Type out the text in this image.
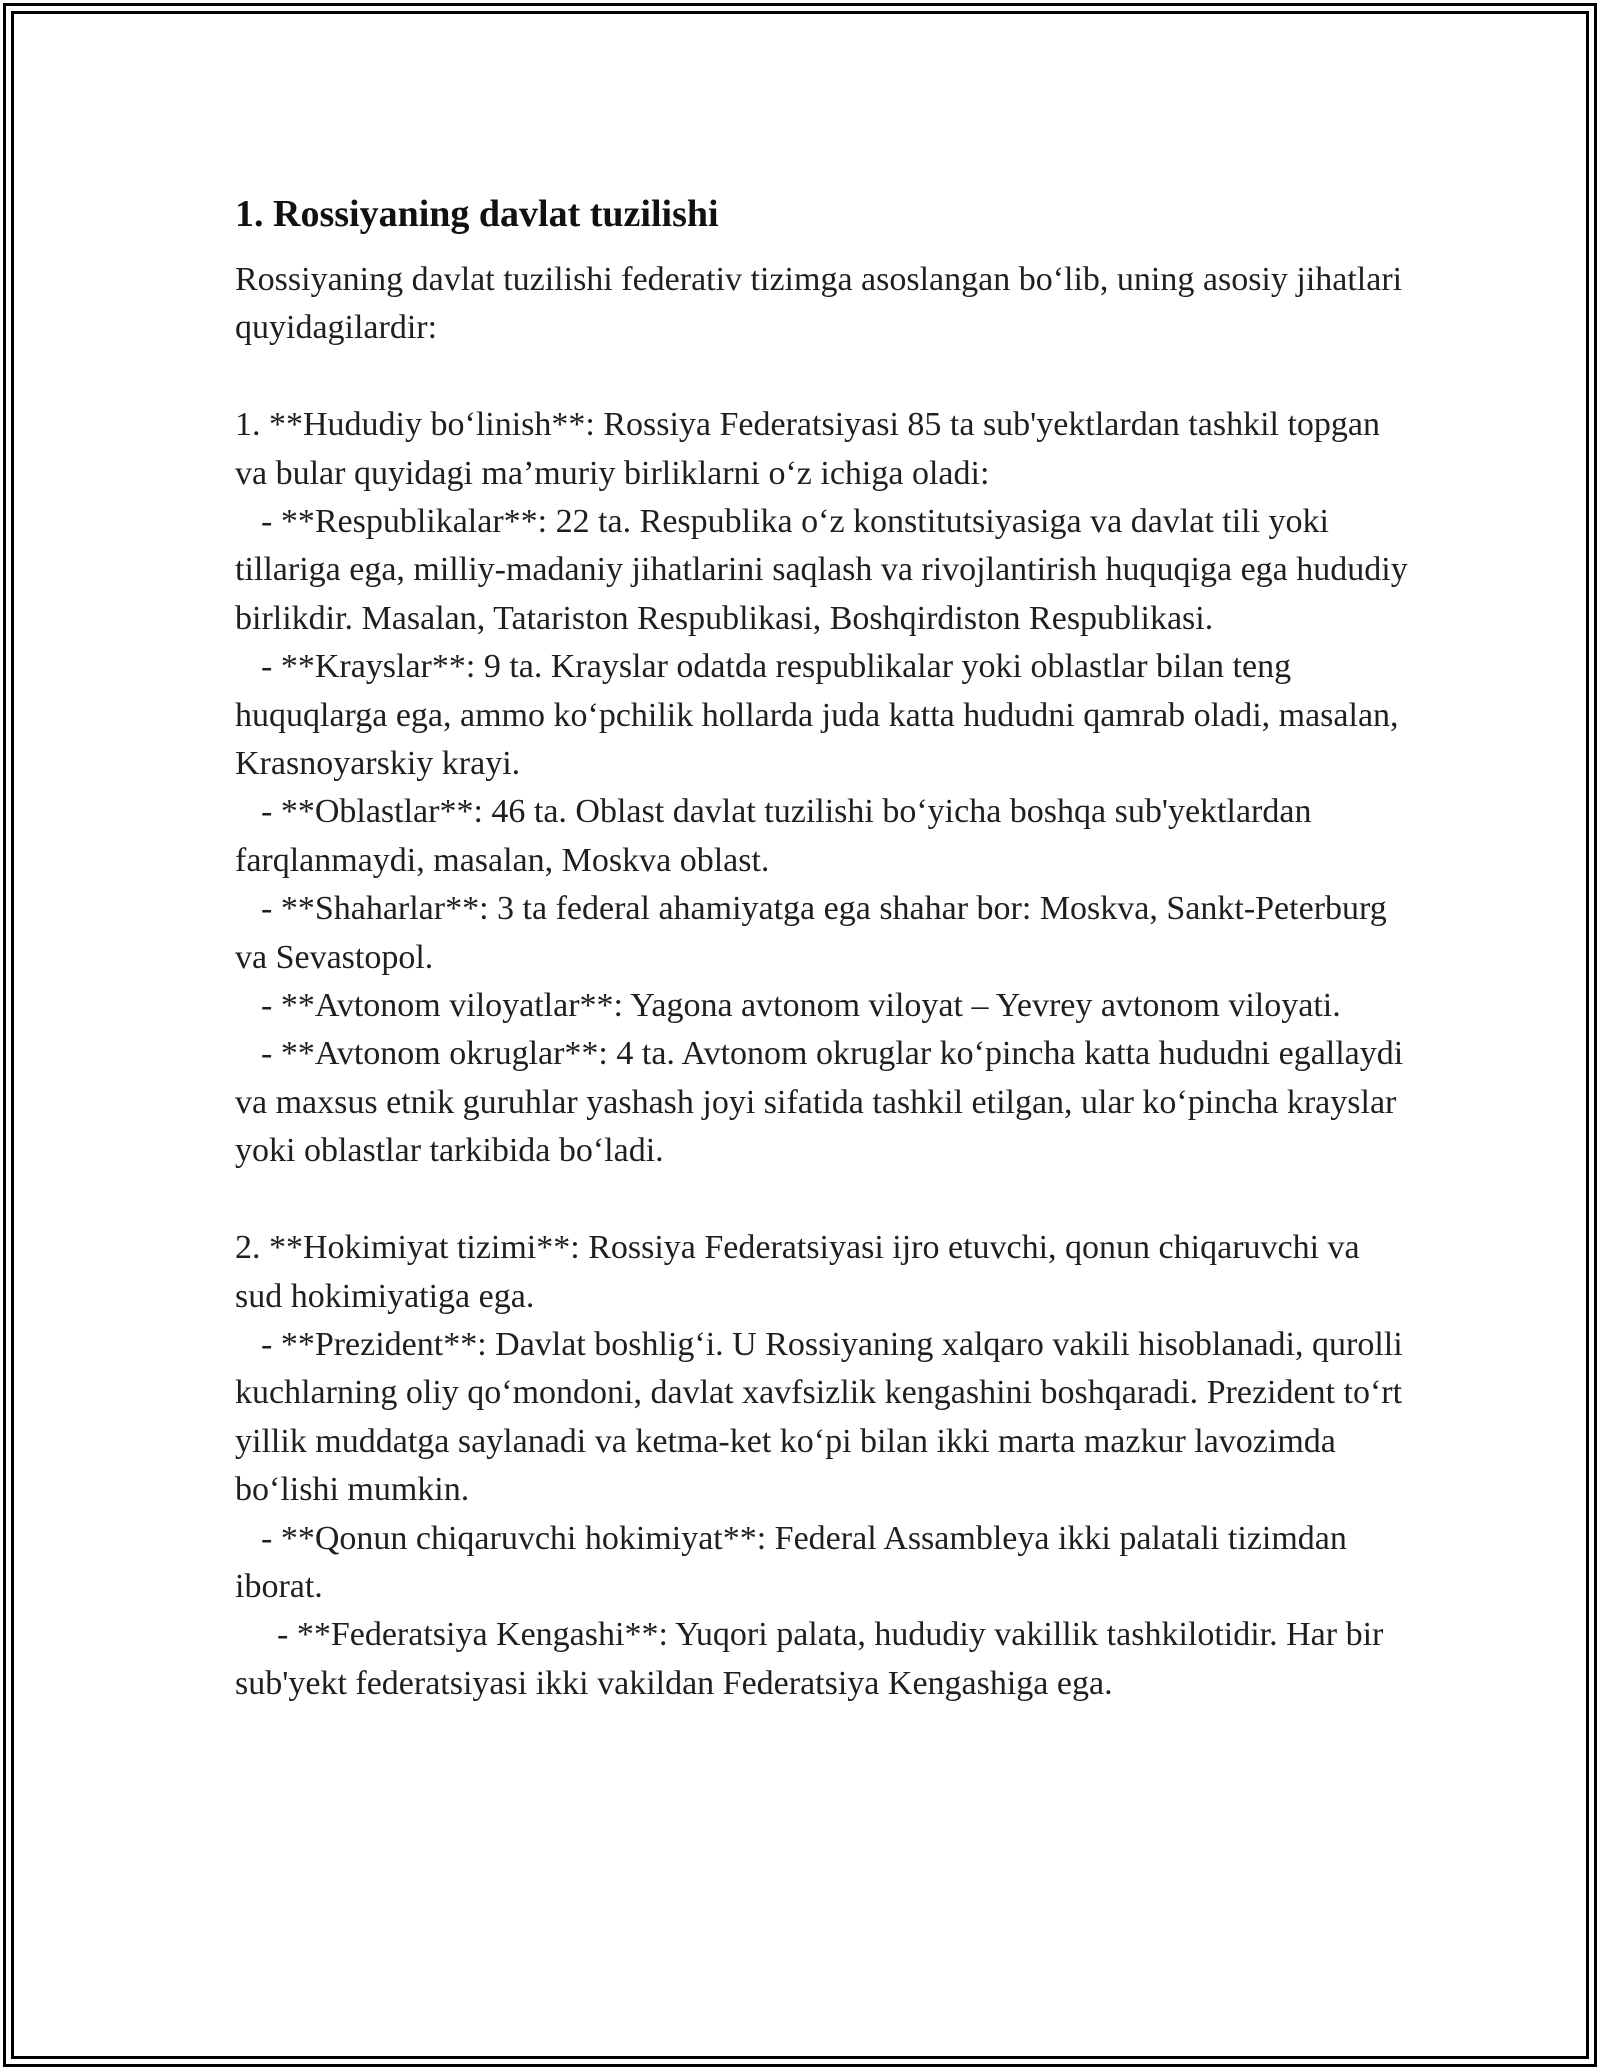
1. Rossiyaning davlat tuzilishi

Rossiyaning davlat tuzilishi federativ tizimga asoslangan bo‘lib, uning asosiy jihatlari quyidagilardir:

1. **Hududiy bo‘linish**: Rossiya Federatsiyasi 85 ta sub'yektlardan tashkil topgan va bular quyidagi ma’muriy birliklarni o‘z ichiga oladi:

- **Respublikalar**: 22 ta. Respublika o‘z konstitutsiyasiga va davlat tili yoki tillariga ega, milliy-madaniy jihatlarini saqlash va rivojlantirish huquqiga ega hududiy birlikdir. Masalan, Tatariston Respublikasi, Boshqirdiston Respublikasi.

- **Krayslar**: 9 ta. Krayslar odatda respublikalar yoki oblastlar bilan teng huquqlarga ega, ammo ko‘pchilik hollarda juda katta hududni qamrab oladi, masalan, Krasnoyarskiy krayi.

- **Oblastlar**: 46 ta. Oblast davlat tuzilishi bo‘yicha boshqa sub'yektlardan farqlanmaydi, masalan, Moskva oblast.

- **Shaharlar**: 3 ta federal ahamiyatga ega shahar bor: Moskva, Sankt-Peterburg va Sevastopol.

- **Avtonom viloyatlar**: Yagona avtonom viloyat – Yevrey avtonom viloyati.

- **Avtonom okruglar**: 4 ta. Avtonom okruglar ko‘pincha katta hududni egallaydi va maxsus etnik guruhlar yashash joyi sifatida tashkil etilgan, ular ko‘pincha krayslar yoki oblastlar tarkibida bo‘ladi.

2. **Hokimiyat tizimi**: Rossiya Federatsiyasi ijro etuvchi, qonun chiqaruvchi va sud hokimiyatiga ega.

- **Prezident**: Davlat boshlig‘i. U Rossiyaning xalqaro vakili hisoblanadi, qurolli kuchlarning oliy qo‘mondoni, davlat xavfsizlik kengashini boshqaradi. Prezident to‘rt yillik muddatga saylanadi va ketma-ket ko‘pi bilan ikki marta mazkur lavozimda bo‘lishi mumkin.

- **Qonun chiqaruvchi hokimiyat**: Federal Assambleya ikki palatali tizimdan iborat.

- **Federatsiya Kengashi**: Yuqori palata, hududiy vakillik tashkilotidir. Har bir sub'yekt federatsiyasi ikki vakildan Federatsiya Kengashiga ega.
